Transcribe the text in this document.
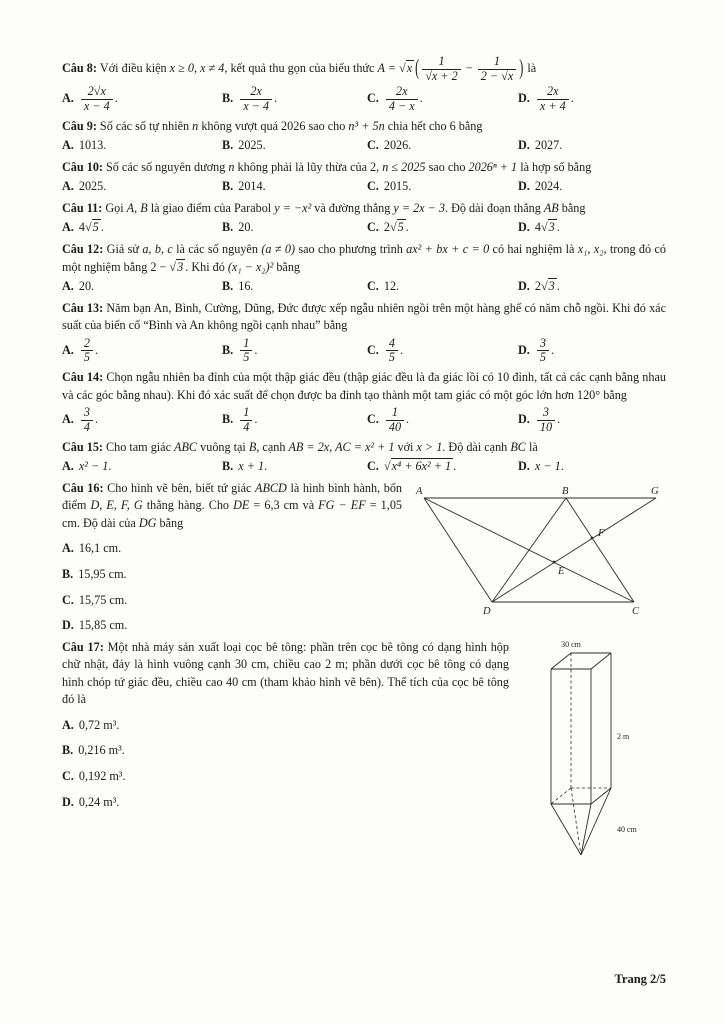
Câu 8: Với điều kiện x ≥ 0, x ≠ 4, kết quả thu gọn của biểu thức A = √x ( $\frac{1}{√x + 2} - \frac{1}{2 - √x}$ ) là
A. $\frac{2√x}{x - 4}$ .	B. $\frac{2x}{x - 4}$ .	C. $\frac{2x}{4 - x}$ .	D. $\frac{2x}{x + 4}$ .
Câu 9: Số các số tự nhiên n không vượt quá 2026 sao cho n³ + 5n chia hết cho 6 bằng
A. 1013.	B. 2025.	C. 2026.	D. 2027.
Câu 10: Số các số nguyên dương n không phải là lũy thừa của 2, n ≤ 2025 sao cho 2026ⁿ + 1 là hợp số bằng
A. 2025.	B. 2014.	C. 2015.	D. 2024.
Câu 11: Gọi A, B là giao điểm của Parabol y = −x² và đường thẳng y = 2x − 3. Độ dài đoạn thẳng AB bằng
A. 4√5 .	B. 20.	C. 2√5 .	D. 4√3 .
Câu 12: Giả sử a, b, c là các số nguyên (a ≠ 0) sao cho phương trình ax² + bx + c = 0 có hai nghiệm là x₁, x₂, trong đó có một nghiệm bằng 2 − √3 . Khi đó (x₁ − x₂)² bằng
A. 20.	B. 16.	C. 12.	D. 2√3 .
Câu 13: Năm bạn An, Bình, Cường, Dũng, Đức được xếp ngẫu nhiên ngồi trên một hàng ghế có năm chỗ ngồi. Khi đó xác suất của biến cố “Bình và An không ngồi cạnh nhau” bằng
A. $\frac{2}{5}$ .	B. $\frac{1}{5}$ .	C. $\frac{4}{5}$ .	D. $\frac{3}{5}$ .
Câu 14: Chọn ngẫu nhiên ba đỉnh của một thập giác đều (thập giác đều là đa giác lồi có 10 đỉnh, tất cả các cạnh bằng nhau và các góc bằng nhau). Khi đó xác suất để chọn được ba đỉnh tạo thành một tam giác có một góc lớn hơn 120° bằng
A. $\frac{3}{4}$ .	B. $\frac{1}{4}$ .	C. $\frac{1}{40}$ .	D. $\frac{3}{10}$ .
Câu 15: Cho tam giác ABC vuông tại B, cạnh AB = 2x, AC = x² + 1 với x > 1. Độ dài cạnh BC là
A. x² − 1.	B. x + 1.	C. √x⁴ + 6x² + 1 .	D. x − 1.
A	B	G
D	C
E
F
Câu 16: Cho hình vẽ bên, biết tứ giác ABCD là hình bình hành, bốn điểm D, E, F, G thẳng hàng. Cho DE = 6,3 cm và FG − EF = 1,05 cm. Độ dài của DG bằng
A. 16,1 cm.
B. 15,95 cm.
C. 15,75 cm.
D. 15,85 cm.
30 cm
2 m
40 cm
Câu 17: Một nhà máy sản xuất loại cọc bê tông: phần trên cọc bê tông có dạng hình hộp chữ nhật, đáy là hình vuông cạnh 30 cm, chiều cao 2 m; phần dưới cọc bê tông có dạng hình chóp tứ giác đều, chiều cao 40 cm (tham khảo hình vẽ bên). Thể tích của cọc bê tông đó là
A. 0,72 m³.
B. 0,216 m³.
C. 0,192 m³.
D. 0,24 m³.
Trang 2/5
